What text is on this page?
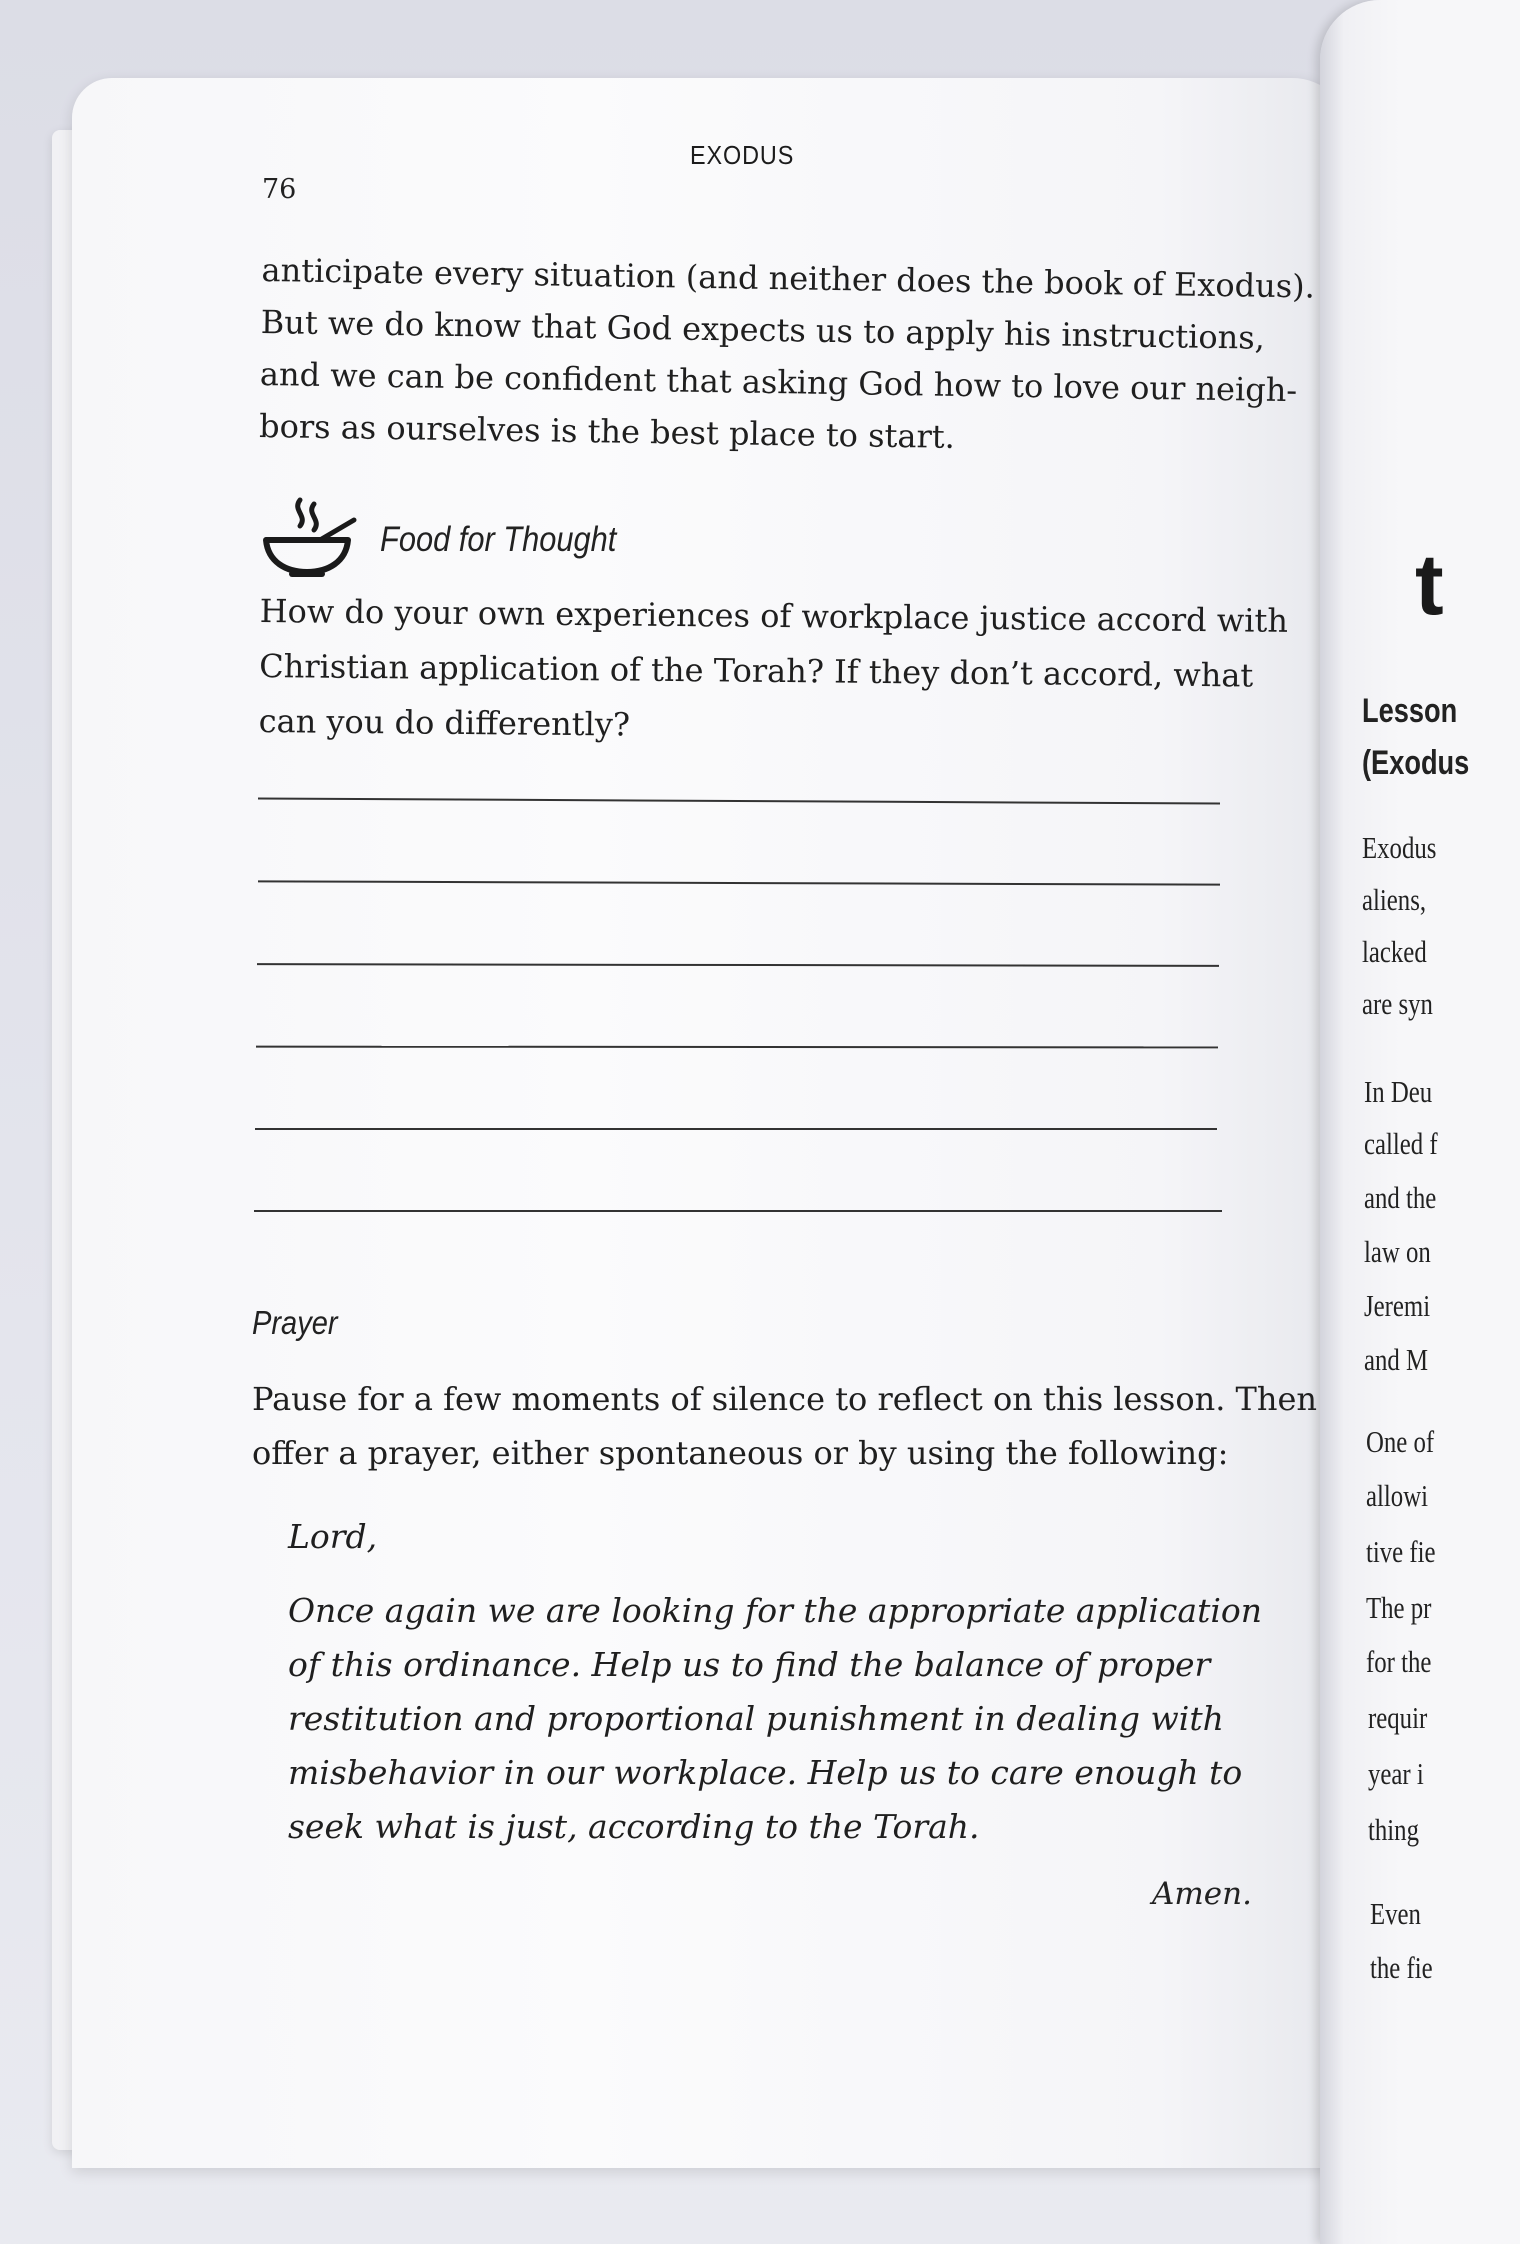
t
Lesson
(Exodus
Exodus
aliens,
lacked
are syn
In Deu
called f
and the
law on
Jeremi
and M
One of
allowi
tive fie
The pr
for the
requir
year i
thing
Even
the fie
EXODUS
76

anticipate every situation (and neither does the book of Exodus).
But we do know that God expects us to apply his instructions,
and we can be confident that asking God how to love our neigh-
bors as ourselves is the best place to start.

Food for Thought

How do your own experiences of workplace justice accord with
Christian application of the Torah? If they don’t accord, what
can you do differently?

Prayer

Pause for a few moments of silence to reflect on this lesson. Then
offer a prayer, either spontaneous or by using the following:

Lord,
Once again we are looking for the appropriate application
of this ordinance. Help us to find the balance of proper
restitution and proportional punishment in dealing with
misbehavior in our workplace. Help us to care enough to
seek what is just, according to the Torah.
Amen.
